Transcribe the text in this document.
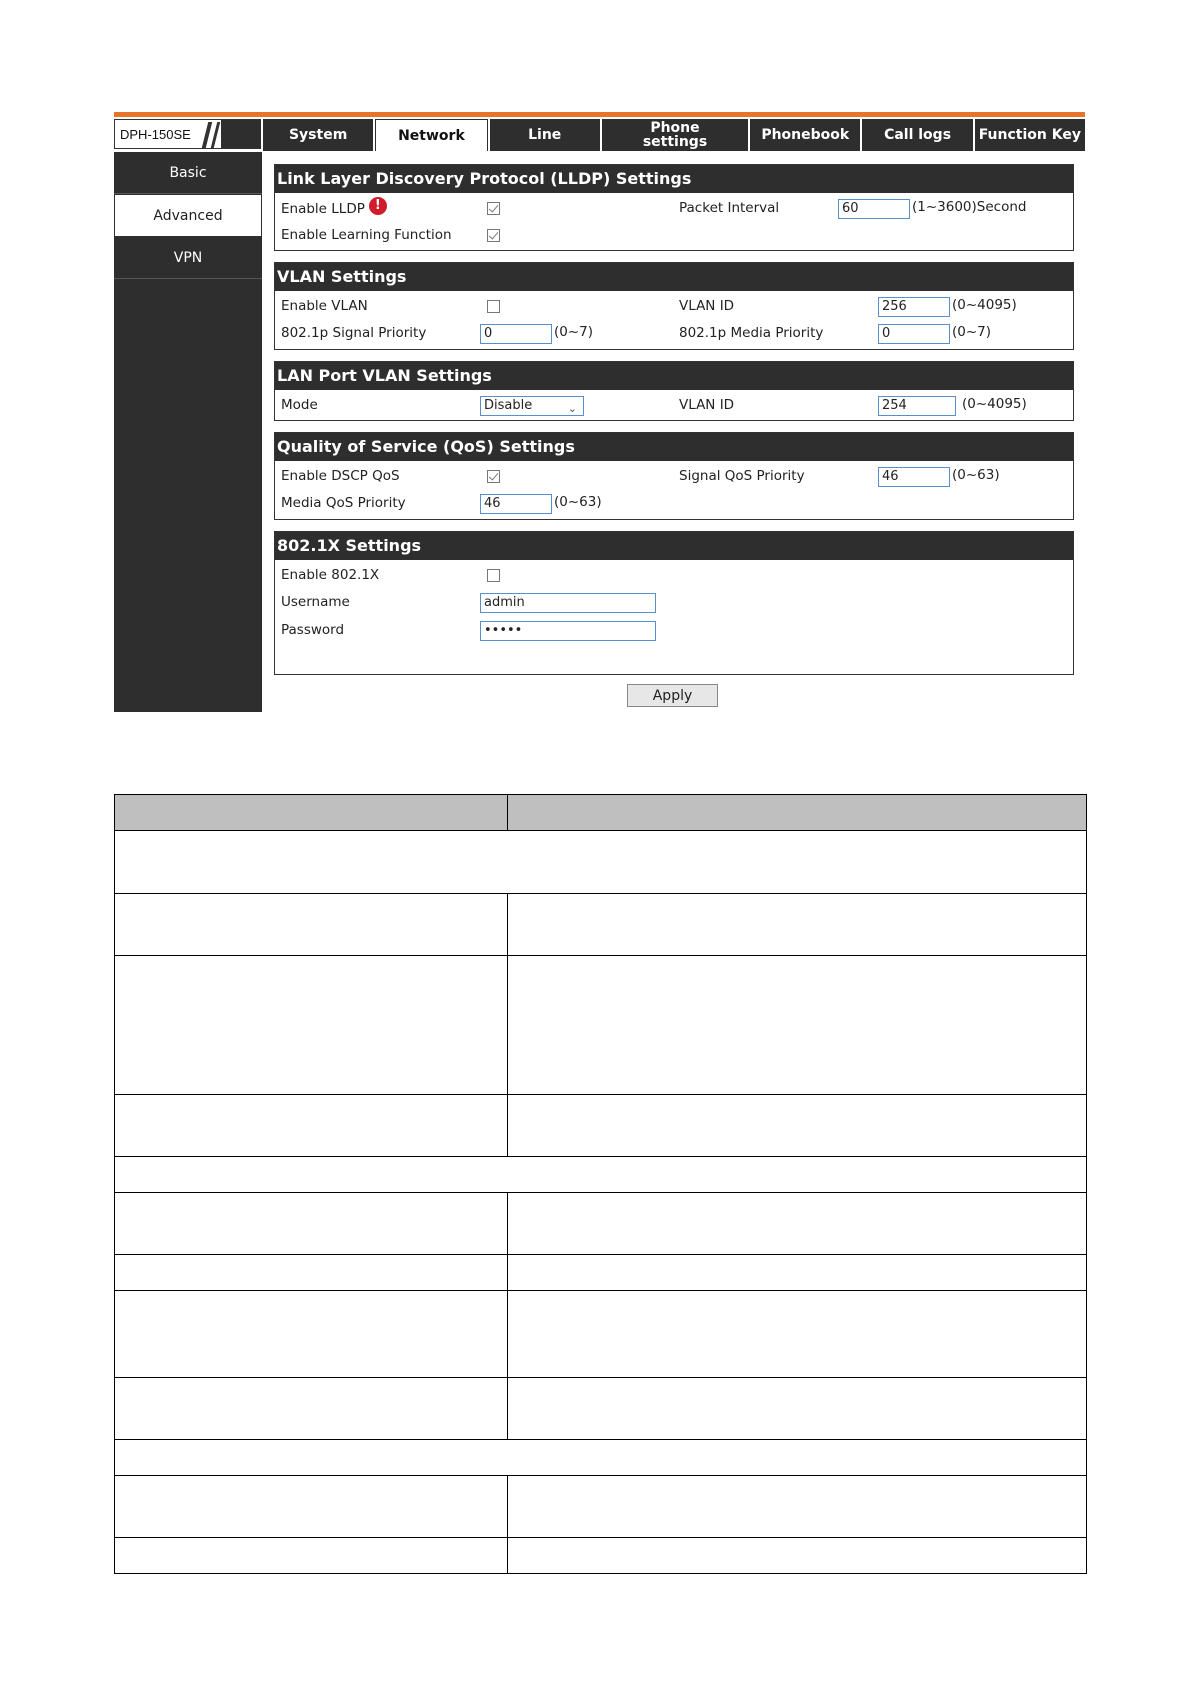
DPH-150SE	System	Network	Line	Phone settings	Phonebook	Call logs	Function Key
Basic
Advanced
VPN
Link Layer Discovery Protocol (LLDP) Settings
Enable LLDP !	Packet Interval	60	(1~3600)Second
Enable Learning Function
VLAN Settings
Enable VLAN	VLAN ID	256	(0~4095)
802.1p Signal Priority	0	(0~7)	802.1p Media Priority	0	(0~7)
LAN Port VLAN Settings
Mode	Disable	⌄	VLAN ID	254	(0~4095)
Quality of Service (QoS) Settings
Enable DSCP QoS	Signal QoS Priority	46	(0~63)
Media QoS Priority	46	(0~63)
802.1X Settings
Enable 802.1X
Username	admin
Password	•••••
Apply
